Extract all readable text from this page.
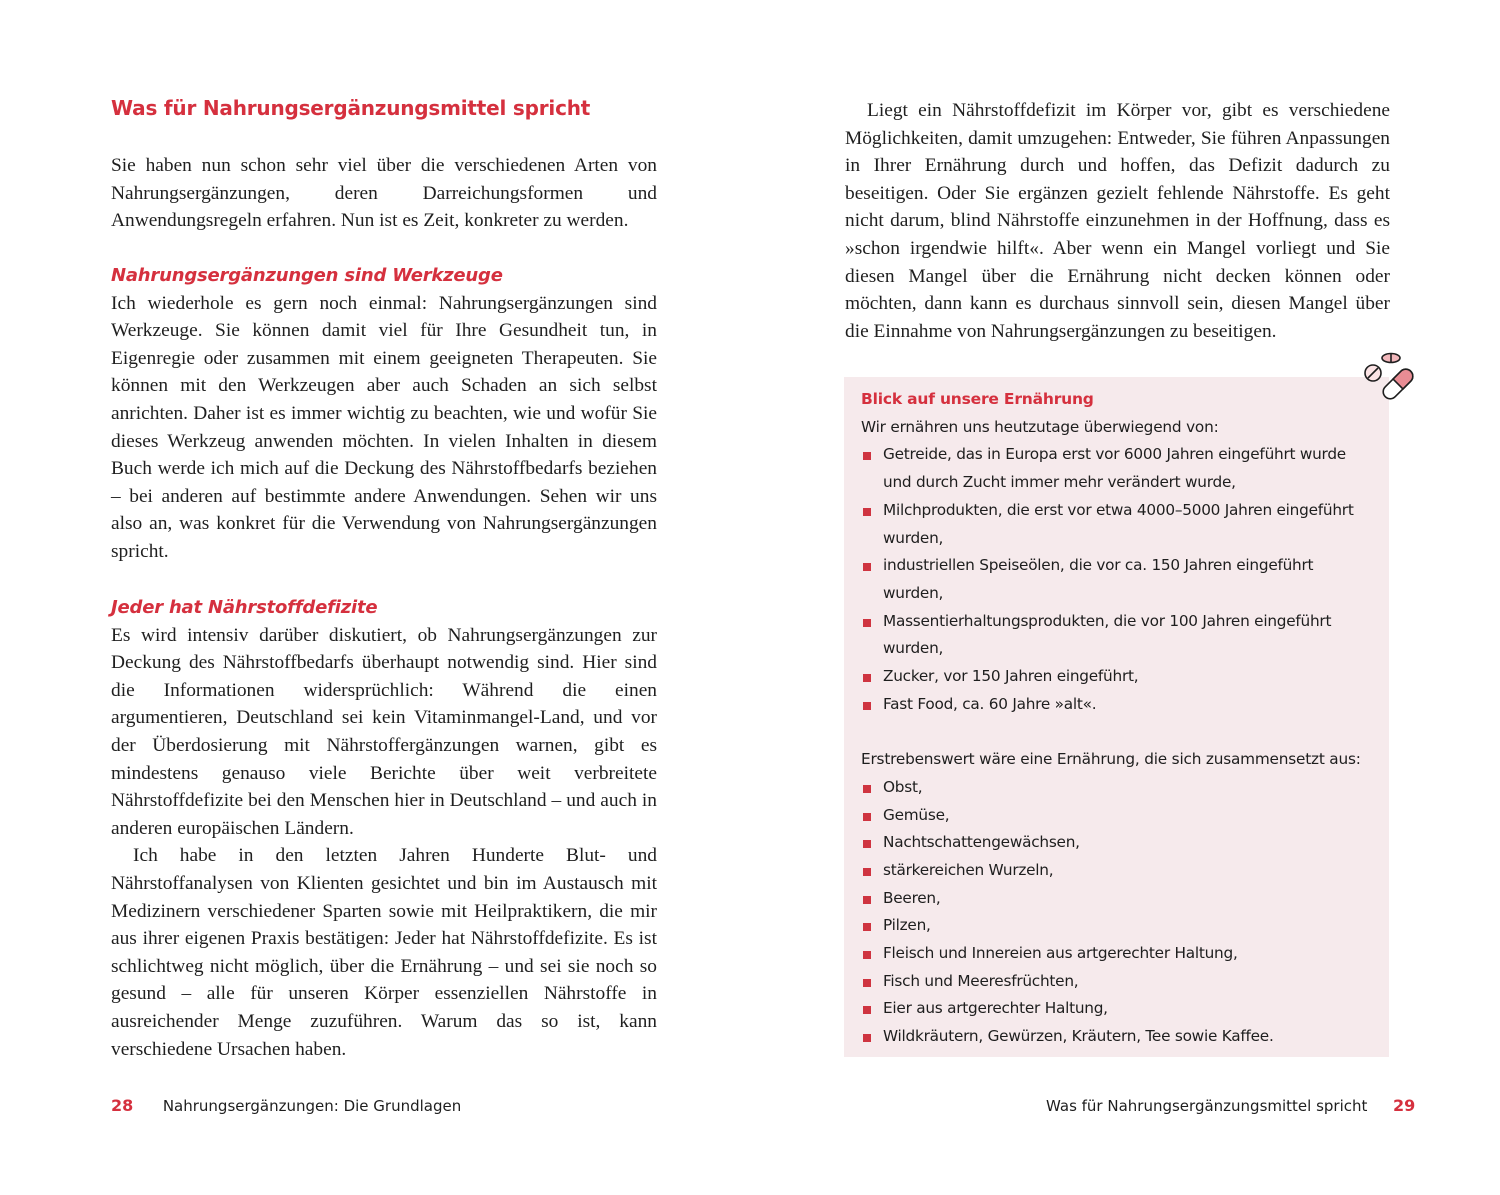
Was für Nahrungsergänzungsmittel spricht

Sie haben nun schon sehr viel über die verschiedenen Arten von Nahrungsergänzungen, deren Darreichungsformen und Anwendungsregeln erfahren. Nun ist es Zeit, konkreter zu werden.

Nahrungsergänzungen sind Werkzeuge

Ich wiederhole es gern noch einmal: Nahrungsergänzungen sind Werkzeuge. Sie können damit viel für Ihre Gesundheit tun, in Eigenregie oder zusammen mit einem geeigneten Therapeuten. Sie können mit den Werkzeugen aber auch Schaden an sich selbst anrichten. Daher ist es immer wichtig zu beachten, wie und wofür Sie dieses Werkzeug anwenden möchten. In vielen Inhalten in diesem Buch werde ich mich auf die Deckung des Nährstoffbedarfs beziehen – bei anderen auf bestimmte andere Anwendungen. Sehen wir uns also an, was konkret für die Verwendung von Nahrungsergänzungen spricht.

Jeder hat Nährstoffdefizite

Es wird intensiv darüber diskutiert, ob Nahrungsergänzungen zur Deckung des Nährstoffbedarfs überhaupt notwendig sind. Hier sind die Informationen widersprüchlich: Während die einen argumentieren, Deutschland sei kein Vitaminmangel-Land, und vor der Überdosierung mit Nährstoffergänzungen warnen, gibt es mindestens genauso viele Berichte über weit verbreitete Nährstoffdefizite bei den Menschen hier in Deutschland – und auch in anderen europäischen Ländern.

Ich habe in den letzten Jahren Hunderte Blut- und Nährstoffanalysen von Klienten gesichtet und bin im Austausch mit Medizinern verschiedener Sparten sowie mit Heilpraktikern, die mir aus ihrer eigenen Praxis bestätigen: Jeder hat Nährstoffdefizite. Es ist schlichtweg nicht möglich, über die Ernährung – und sei sie noch so gesund – alle für unseren Körper essenziellen Nährstoffe in ausreichender Menge zuzuführen. Warum das so ist, kann verschiedene Ursachen haben.

28 Nahrungsergänzungen: Die Grundlagen

Liegt ein Nährstoffdefizit im Körper vor, gibt es verschiedene Möglichkeiten, damit umzugehen: Entweder, Sie führen Anpassungen in Ihrer Ernährung durch und hoffen, das Defizit dadurch zu beseitigen. Oder Sie ergänzen gezielt fehlende Nährstoffe. Es geht nicht darum, blind Nährstoffe einzunehmen in der Hoffnung, dass es »schon irgendwie hilft«. Aber wenn ein Mangel vorliegt und Sie diesen Mangel über die Ernährung nicht decken können oder möchten, dann kann es durchaus sinnvoll sein, diesen Mangel über die Einnahme von Nahrungsergänzungen zu beseitigen.

Blick auf unsere Ernährung

Wir ernähren uns heutzutage überwiegend von:

Getreide, das in Europa erst vor 6000 Jahren eingeführt wurde und durch Zucht immer mehr verändert wurde,
Milchprodukten, die erst vor etwa 4000–5000 Jahren eingeführt wurden,
industriellen Speiseölen, die vor ca. 150 Jahren eingeführt wurden,
Massentierhaltungsprodukten, die vor 100 Jahren eingeführt wurden,
Zucker, vor 150 Jahren eingeführt,
Fast Food, ca. 60 Jahre »alt«.

Erstrebenswert wäre eine Ernährung, die sich zusammensetzt aus:

Obst,
Gemüse,
Nachtschattengewächsen,
stärkereichen Wurzeln,
Beeren,
Pilzen,
Fleisch und Innereien aus artgerechter Haltung,
Fisch und Meeresfrüchten,
Eier aus artgerechter Haltung,
Wildkräutern, Gewürzen, Kräutern, Tee sowie Kaffee.
Was für Nahrungsergänzungsmittel spricht 29
